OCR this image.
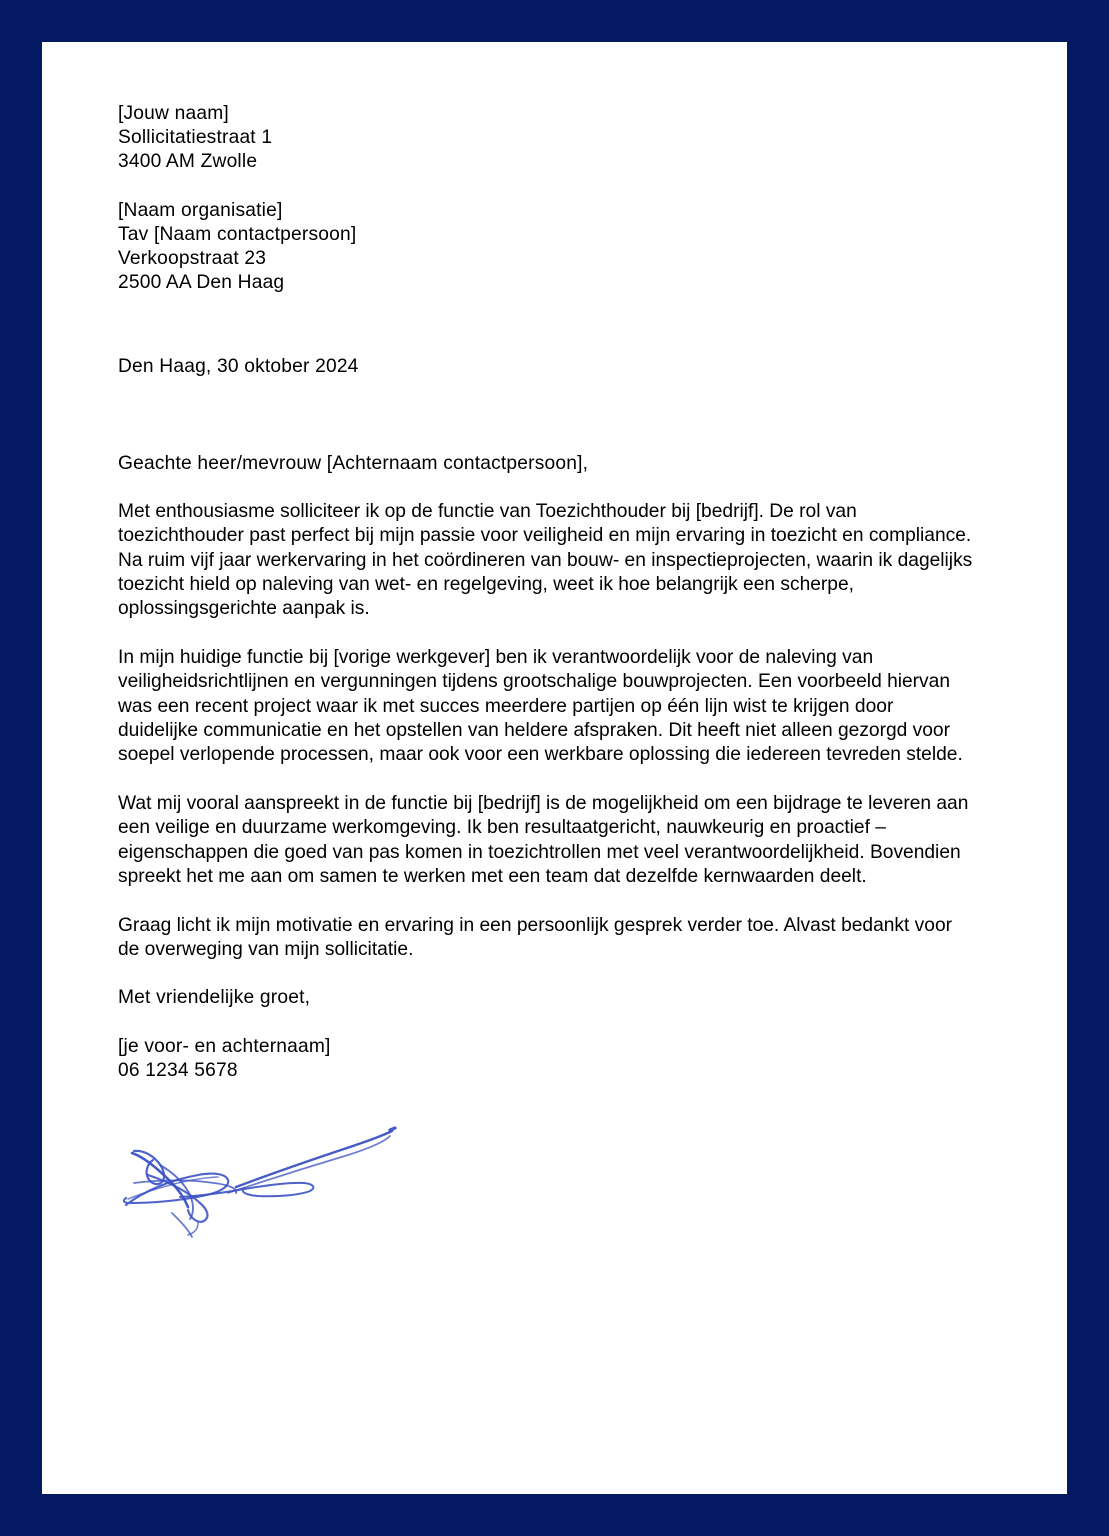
[Jouw naam]
Sollicitatiestraat 1
3400 AM Zwolle
[Naam organisatie]
Tav [Naam contactpersoon]
Verkoopstraat 23
2500 AA Den Haag
Den Haag, 30 oktober 2024
Geachte heer/mevrouw [Achternaam contactpersoon],

Met enthousiasme solliciteer ik op de functie van Toezichthouder bij [bedrijf]. De rol van toezichthouder past perfect bij mijn passie voor veiligheid en mijn ervaring in toezicht en compliance. Na ruim vijf jaar werkervaring in het coördineren van bouw- en inspectieprojecten, waarin ik dagelijks toezicht hield op naleving van wet- en regelgeving, weet ik hoe belangrijk een scherpe, oplossingsgerichte aanpak is.

In mijn huidige functie bij [vorige werkgever] ben ik verantwoordelijk voor de naleving van veiligheidsrichtlijnen en vergunningen tijdens grootschalige bouwprojecten. Een voorbeeld hiervan was een recent project waar ik met succes meerdere partijen op één lijn wist te krijgen door duidelijke communicatie en het opstellen van heldere afspraken. Dit heeft niet alleen gezorgd voor soepel verlopende processen, maar ook voor een werkbare oplossing die iedereen tevreden stelde.

Wat mij vooral aanspreekt in de functie bij [bedrijf] is de mogelijkheid om een bijdrage te leveren aan een veilige en duurzame werkomgeving. Ik ben resultaatgericht, nauwkeurig en proactief – eigenschappen die goed van pas komen in toezichtrollen met veel verantwoordelijkheid. Bovendien spreekt het me aan om samen te werken met een team dat dezelfde kernwaarden deelt.

Graag licht ik mijn motivatie en ervaring in een persoonlijk gesprek verder toe. Alvast bedankt voor de overweging van mijn sollicitatie.

Met vriendelijke groet,
[je voor- en achternaam]
06 1234 5678
